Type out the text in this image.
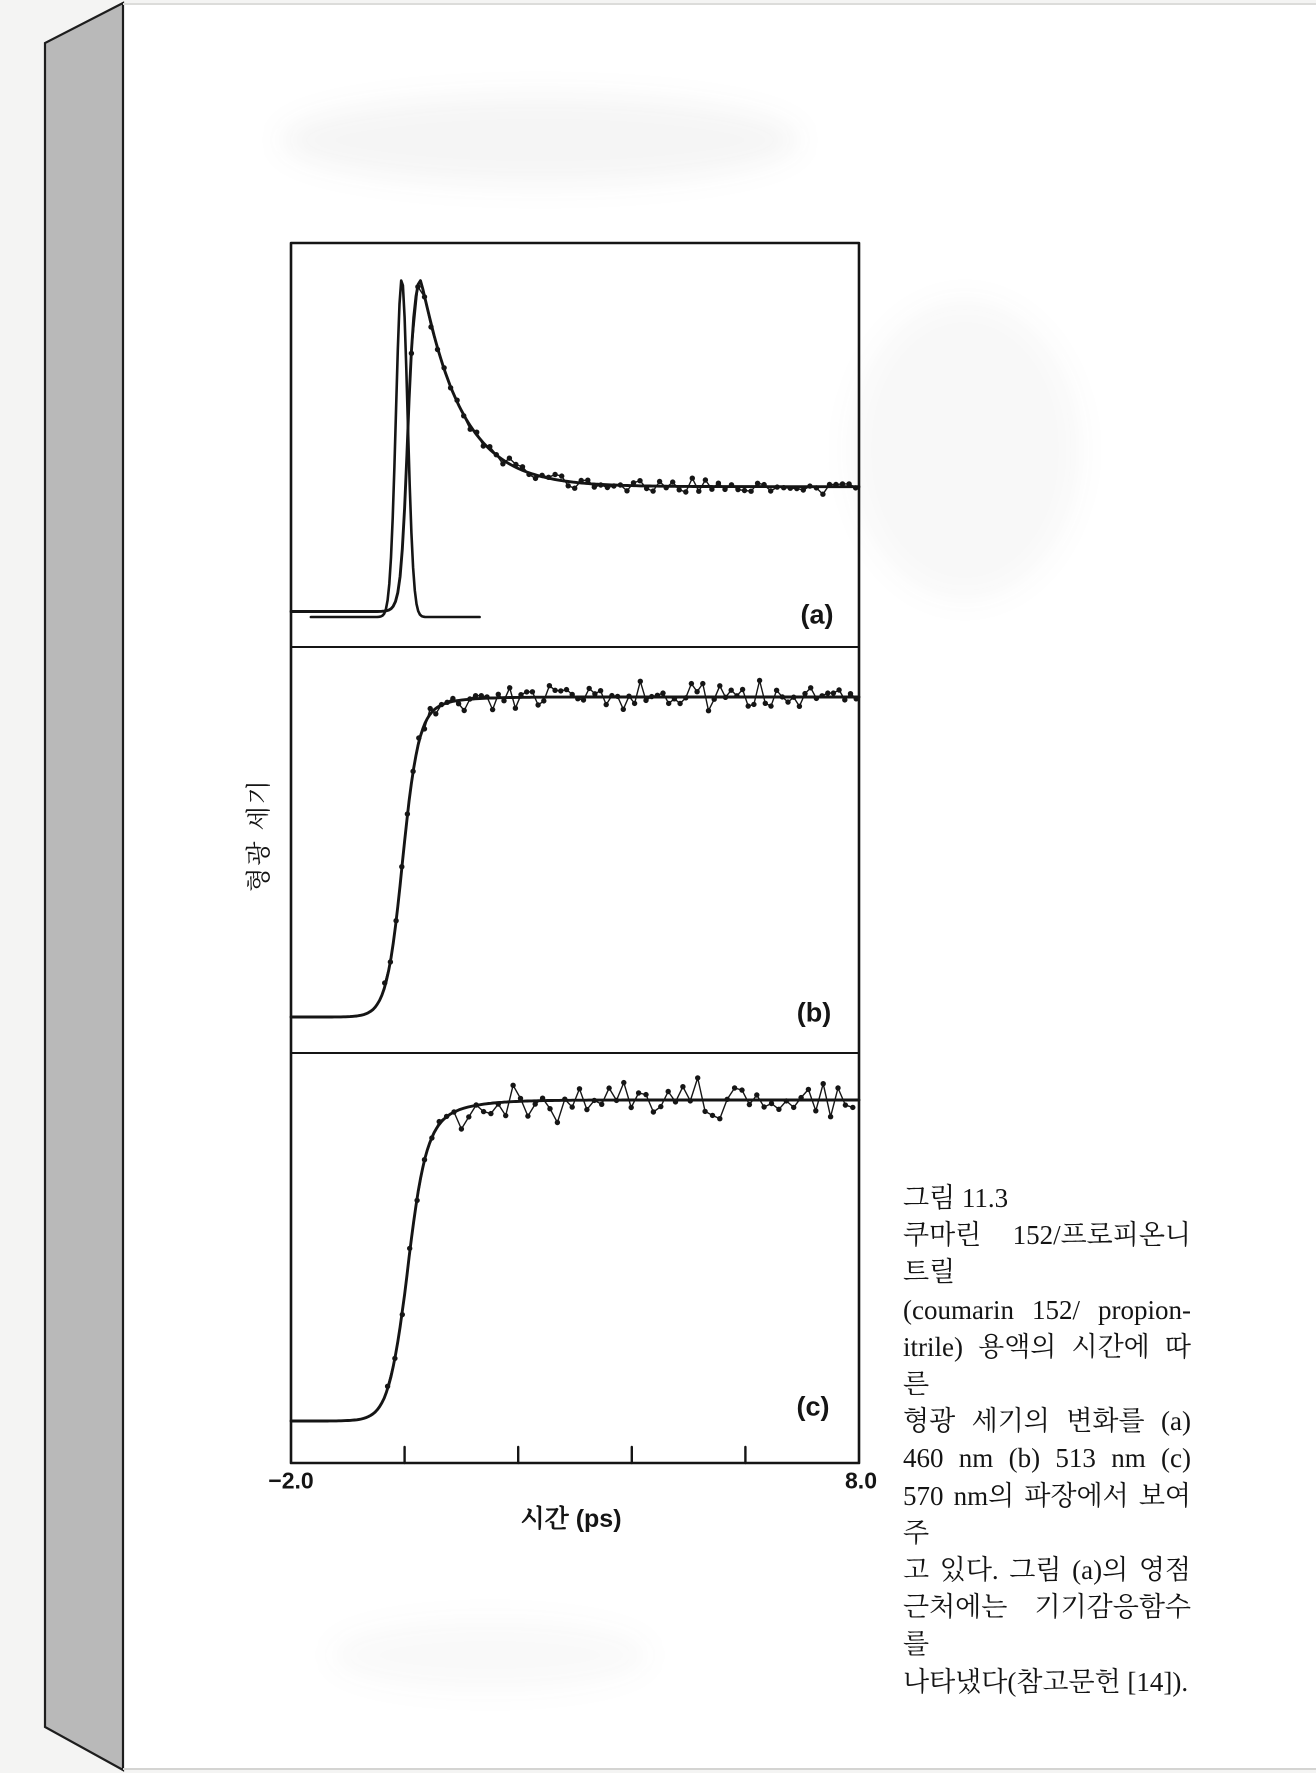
형광 세기
시간 (ps)
−2.0	8.0
(a)
(b)
(c)
그림 11.3
쿠마린 152/프로피온니트릴
(coumarin 152/ propion-
itrile) 용액의 시간에 따른
형광 세기의 변화를 (a)
460 nm (b) 513 nm (c)
570 nm의 파장에서 보여주
고 있다. 그림 (a)의 영점
근처에는 기기감응함수를
나타냈다(참고문헌 [14]).
